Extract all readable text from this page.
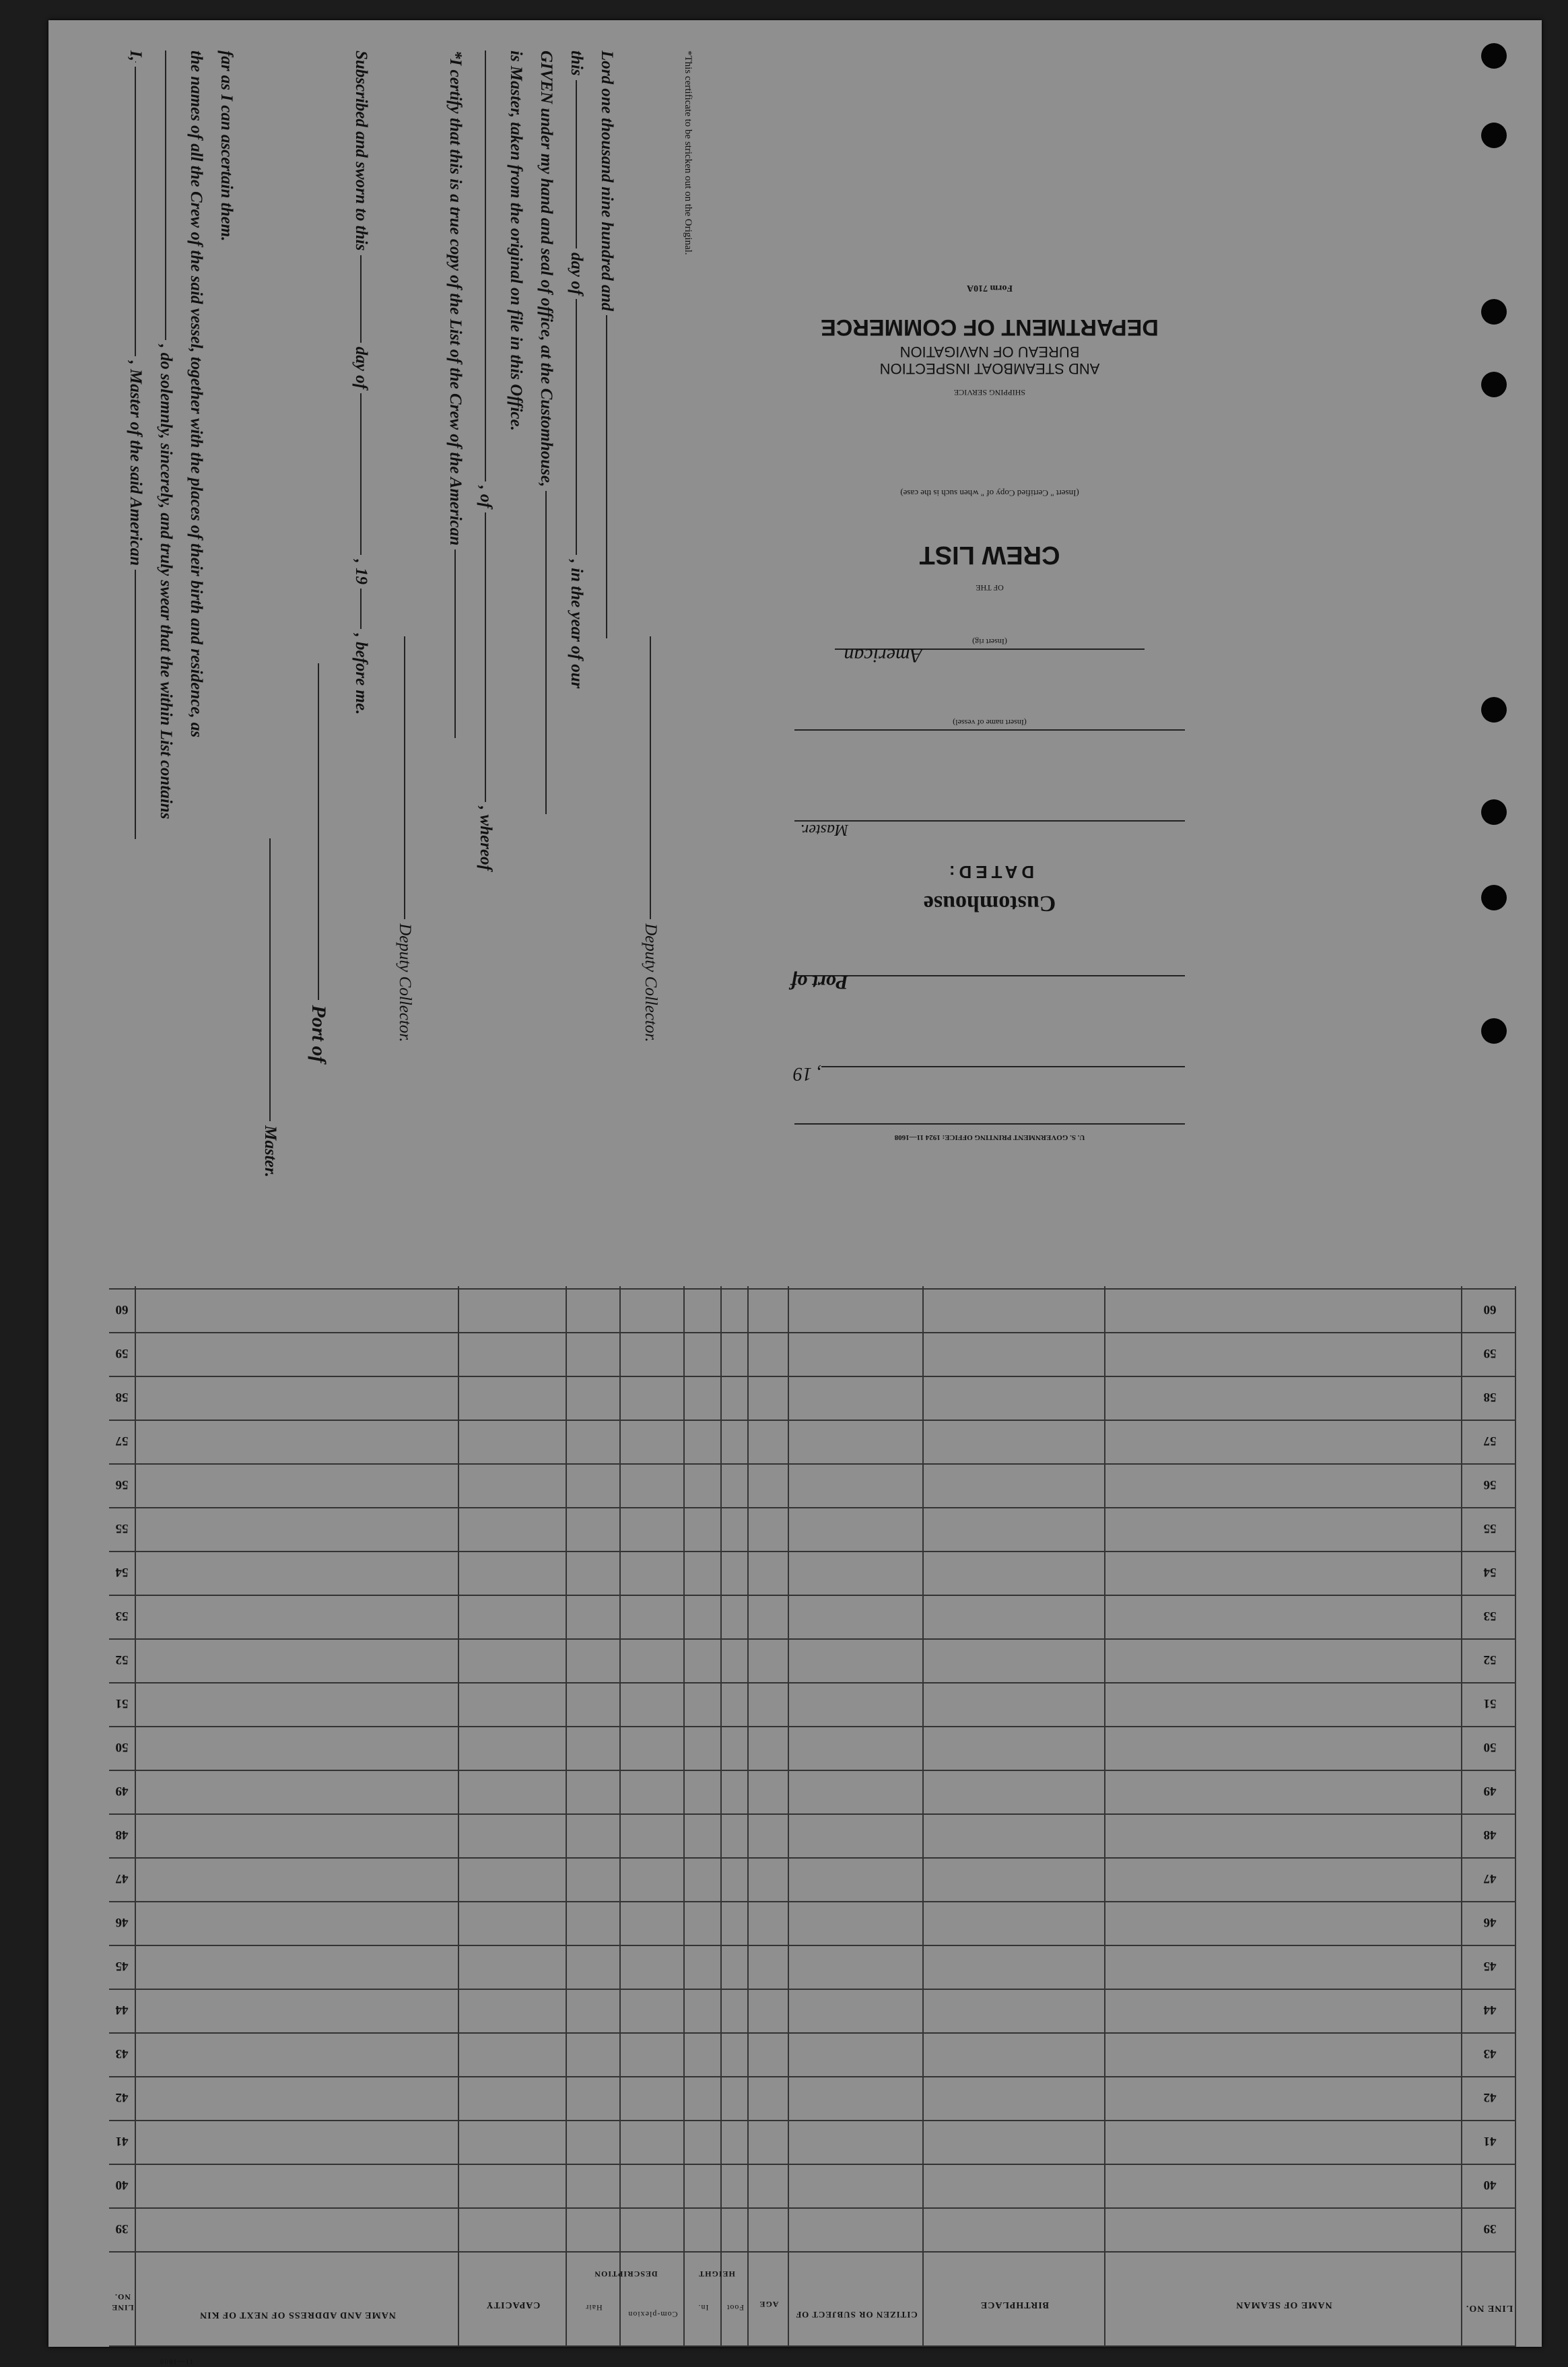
LINE NO.
NAME OF SEAMAN
BIRTHPLACE
CITIZEN OR SUBJECT OF
AGE
HEIGHT
Foot
In.
DESCRIPTION
Com-plexion
Hair
CAPACITY
NAME AND ADDRESS OF NEXT OF KIN
LINE NO.
11—1608
39
39
40
40
41
41
42
42
43
43
44
44
45
45
46
46
47
47
48
48
49
49
50
50
51
51
52
52
53
53
54
54
55
55
56
56
57
57
58
58
59
59
60
60
I,  , Master of the said American , do solemnly, sincerely, and truly swear that the within List contains the names of all the Crew of the said vessel, together with the places of their birth and residence, as far as I can ascertain them.
Master.
Port of
Subscribed and sworn to this  day of  , 19  , before me.
Deputy Collector.
*I certify that this is a true copy of the List of the Crew of the American , of  , whereof
is Master, taken from the original on file in this Office. GIVEN under my hand and seal of office, at the Customhouse, this  day of  , in the year of our
Lord one thousand nine hundred and
Deputy Collector.
*This certificate to be stricken out on the Original.
Form 710A
DEPARTMENT OF COMMERCE
BUREAU OF NAVIGATION
AND STEAMBOAT INSPECTION
SHIPPING SERVICE
(Insert " Certified Copy of " when such is the case)
CREW LIST
OF THE
American
(Insert rig)
(Insert name of vessel)
Master.
DATED:
Customhouse
Port of
, 19
U. S. GOVERNMENT PRINTING OFFICE: 1924 11—1608
